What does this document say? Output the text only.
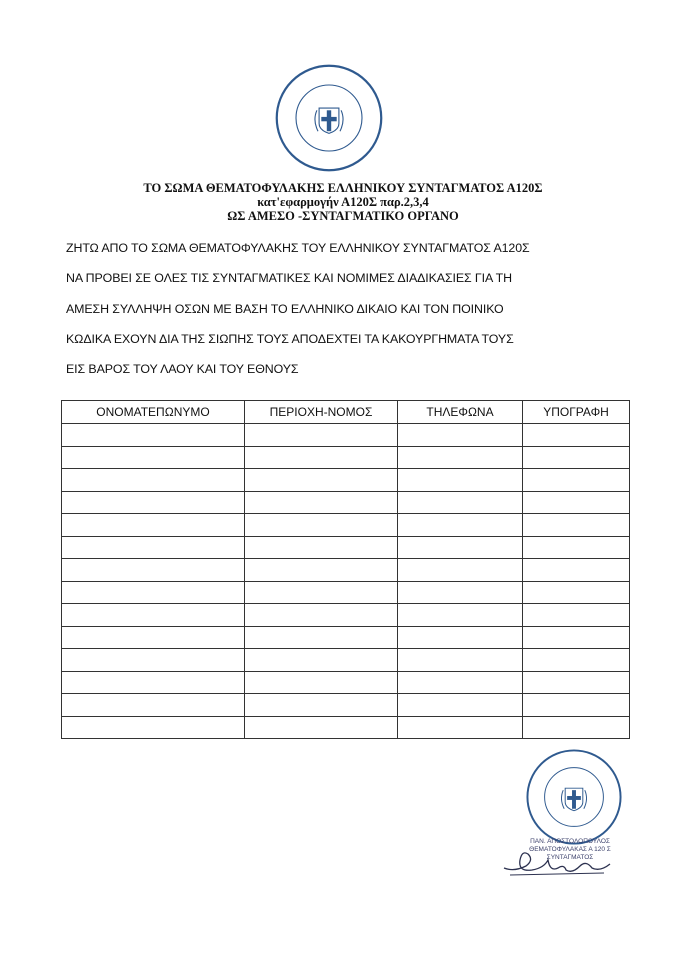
ΤΟ ΣΩΜΑ ΘΕΜΑΤΟΦΥΛΑΚΗΣ ΕΛΛΗΝΙΚΟΥ ΣΥΝΤΑΓΜΑΤΟΣ Α120Σ
κατ'εφαρμογήν Α120Σ παρ.2,3,4
ΩΣ ΑΜΕΣΟ -ΣΥΝΤΑΓΜΑΤΙΚΟ ΟΡΓΑΝΟ
ΖΗΤΩ ΑΠΟ ΤΟ ΣΩΜΑ ΘΕΜΑΤΟΦΥΛΑΚΗΣ ΤΟΥ ΕΛΛΗΝΙΚΟΥ ΣΥΝΤΑΓΜΑΤΟΣ Α120Σ
ΝΑ ΠΡΟΒΕΙ ΣΕ ΟΛΕΣ ΤΙΣ ΣΥΝΤΑΓΜΑΤΙΚΕΣ ΚΑΙ ΝΟΜΙΜΕΣ ΔΙΑΔΙΚΑΣΙΕΣ ΓΙΑ ΤΗ
ΑΜΕΣΗ ΣΥΛΛΗΨΗ ΟΣΩΝ ΜΕ ΒΑΣΗ ΤΟ ΕΛΛΗΝΙΚΟ ΔΙΚΑΙΟ ΚΑΙ ΤΟΝ ΠΟΙΝΙΚΟ
ΚΩΔΙΚΑ ΕΧΟΥΝ ΔΙΑ ΤΗΣ ΣΙΩΠΗΣ ΤΟΥΣ ΑΠΟΔΕΧΤΕΙ ΤΑ ΚΑΚΟΥΡΓΗΜΑΤΑ ΤΟΥΣ
ΕΙΣ ΒΑΡΟΣ ΤΟΥ ΛΑΟΥ ΚΑΙ ΤΟΥ ΕΘΝΟΥΣ
ΟΝΟΜΑΤΕΠΩΝΥΜΟ	ΠΕΡΙΟΧΗ-ΝΟΜΟΣ	ΤΗΛΕΦΩΝΑ	ΥΠΟΓΡΑΦΗ

ΠΑΝ. ΑΠΟΣΤΟΛΟΠΟΥΛΟΣ
ΘΕΜΑΤΟΦΥΛΑΚΑΣ Α 120 Σ
ΣΥΝΤΑΓΜΑΤΟΣ
